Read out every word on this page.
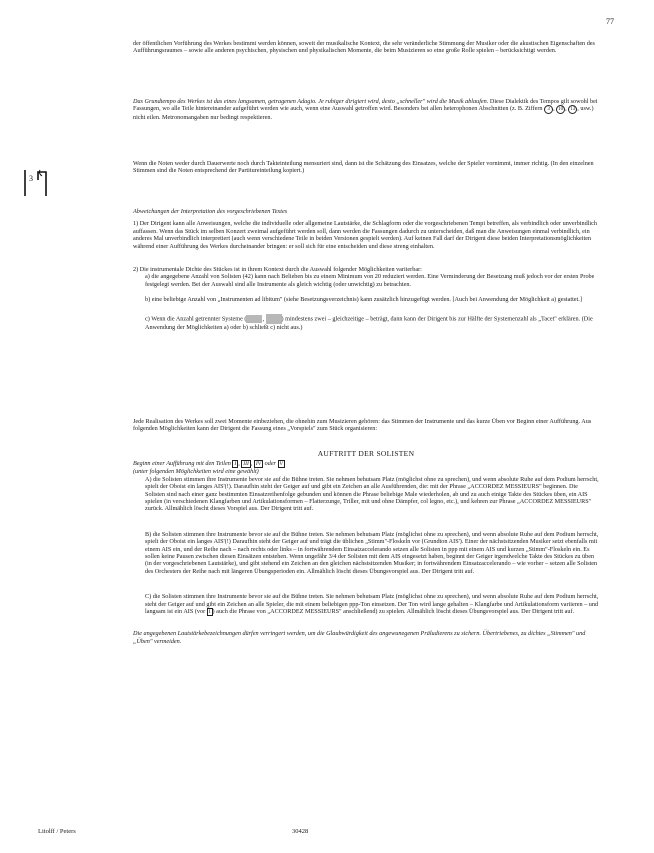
77
3

der öffentlichen Vorführung des Werkes bestimmt werden können, soweit der musikalische Kontext, die sehr veränderliche Stimmung der Musiker oder die akustischen Eigenschaften des Aufführungsraumes – sowie alle anderen psychischen, physischen und physikalischen Momente, die beim Musizieren so eine große Rolle spielen – berücksichtigt werden.

Das Grundtempo des Werkes ist das eines langsamen, getragenen Adagio. Je ruhiger dirigiert wird, desto „schneller" wird die Musik ablaufen. Diese Dialektik des Tempos gilt sowohl bei Fassungen, wo alle Teile hintereinander aufgeführt werden wie auch, wenn eine Auswahl getroffen wird. Besonders bei allen heterophonen Abschnitten (z. B. Ziffern 3 , 10 , 13 , usw.) nicht eilen. Metronomangaben nur bedingt respektieren.

Wenn die Noten weder durch Dauerwerte noch durch Takteinteilung mensuriert sind, dann ist die Schätzung des Einsatzes, welche der Spieler vornimmt, immer richtig. (In den einzelnen Stimmen sind die Noten entsprechend der Partitureinteilung kopiert.)

Abweichungen der Interpretation des vorgeschriebenen Textes

1) Der Dirigent kann alle Anweisungen, welche die individuelle oder allgemeine Lautstärke, die Schlagform oder die vorgeschriebenen Tempi betreffen, als verbindlich oder unverbindlich auffassen. Wenn das Stück im selben Konzert zweimal aufgeführt werden soll, dann werden die Fassungen dadurch zu unterscheiden, daß man die Anweisungen einmal verbindlich, ein anderes Mal unverbindlich interpretiert (auch wenn verschiedene Teile in beiden Versionen gespielt werden). Auf keinen Fall darf der Dirigent diese beiden Interpretationsmöglichkeiten während einer Aufführung des Werkes durcheinander bringen: er soll sich für eine entscheiden und diese streng einhalten.

2) Die instrumentale Dichte des Stückes ist in ihrem Kontext durch die Auswahl folgender Möglichkeiten variierbar:

a) die angegebene Anzahl von Solisten (42) kann nach Belieben bis zu einem Minimum von 20 reduziert werden. Eine Verminderung der Besetzung muß jedoch vor der ersten Probe festgelegt werden. Bei der Auswahl sind alle Instrumente als gleich wichtig (oder unwichtig) zu betrachten.

b) eine beliebige Anzahl von „Instrumenten ad libitum" (siehe Besetzungsverzeichnis) kann zusätzlich hinzugefügt werden. [Auch bei Anwendung der Möglichkeit a) gestattet.]

c) Wenn die Anzahl getrennter Systeme (	,	) mindestens zwei – gleichzeitige – beträgt, dann kann der Dirigent bis zur Hälfte der Systemenzahl als „Tacet" erklären. (Die Anwendung der Möglichkeiten a) oder b) schließt c) nicht aus.)

Jede Realisation des Werkes soll zwei Momente einbeziehen, die ohnehin zum Musizieren gehören: das Stimmen der Instrumente und das kurze Üben vor Beginn einer Aufführung. Aus folgenden Möglichkeiten kann der Dirigent die Fassung eines „Vorspiels" zum Stück organisieren:

AUFTRITT DER SOLISTEN

Beginn einer Aufführung mit den Teilen I , III , IV oder V

(unter folgenden Möglichkeiten wird eine gewählt)

A) die Solisten stimmen ihre Instrumente bevor sie auf die Bühne treten. Sie nehmen behutsam Platz (möglichst ohne zu sprechen), und wenn absolute Ruhe auf dem Podium herrscht, spielt der Oboist ein langes AIS'(!). Daraufhin steht der Geiger auf und gibt ein Zeichen an alle Ausführenden, die: mit der Phrase „ACCORDEZ MESSIEURS" beginnen. Die Solisten sind nach einer ganz bestimmten Einsatzreihenfolge gebunden und können die Phrase beliebige Male wiederholen, ab und zu auch einige Takte des Stückes üben, ein AIS spielen (in verschiedenen Klangfarben und Artikulationsformen – Flatterzunge, Triller, mit und ohne Dämpfer, col legno, etc.), und kehren zur Phrase „ACCORDEZ MESSIEURS" zurück. Allmählich löscht dieses Vorspiel aus. Der Dirigent tritt auf.

B) die Solisten stimmen ihre Instrumente bevor sie auf die Bühne treten. Sie nehmen behutsam Platz (möglichst ohne zu sprechen), und wenn absolute Ruhe auf dem Podium herrscht, spielt der Oboist ein langes AIS'(!) Daraufhin steht der Geiger auf und trägt die üblichen „Stimm"-Floskeln vor (Grundton AIS'). Einer der nächstsitzenden Musiker setzt ebenfalls mit einem AIS ein, und der Reihe nach – nach rechts oder links – in fortwährendem Einsatzaccelerando setzen alle Solisten in ppp mit einem AIS und kurzen „Stimm"-Floskeln ein. Es sollen keine Pausen zwischen diesen Einsätzen entstehen. Wenn ungefähr 3/4 der Solisten mit dem AIS eingesetzt haben, beginnt der Geiger irgendwelche Takte des Stückes zu üben (in der vorgeschriebenen Lautstärke), und gibt stehend ein Zeichen an den gleichen nächstsitzenden Musiker; in fortwährendem Einsatzaccelerando – wie vorher – setzen alle Solisten des Orchesters der Reihe nach mit längeren Übungsperioden ein. Allmählich löscht dieses Übungsvorspiel aus. Der Dirigent tritt auf.

C) die Solisten stimmen ihre Instrumente bevor sie auf die Bühne treten. Sie nehmen behutsam Platz (möglichst ohne zu sprechen), und wenn absolute Ruhe auf dem Podium herrscht, steht der Geiger auf und gibt ein Zeichen an alle Spieler, die mit einem beliebigen ppp-Ton einsetzen. Der Ton wird lange gehalten – Klangfarbe und Artikulationsform variieren – und langsam ist ein AIS (vor I ) auch die Phrase von „ACCORDEZ MESSIEURS" anschließend) zu spielen. Allmählich löscht dieses Übungsvorspiel aus. Der Dirigent tritt auf.

Die angegebenen Lautstärkebezeichnungen dürfen verringert werden, um die Glaubwürdigkeit des angewunegenen Präludierens zu sichern. Übertriebenes, zu dichtes „Stimmen" und „Üben" vermeiden.

Litolff / Peters	30428
